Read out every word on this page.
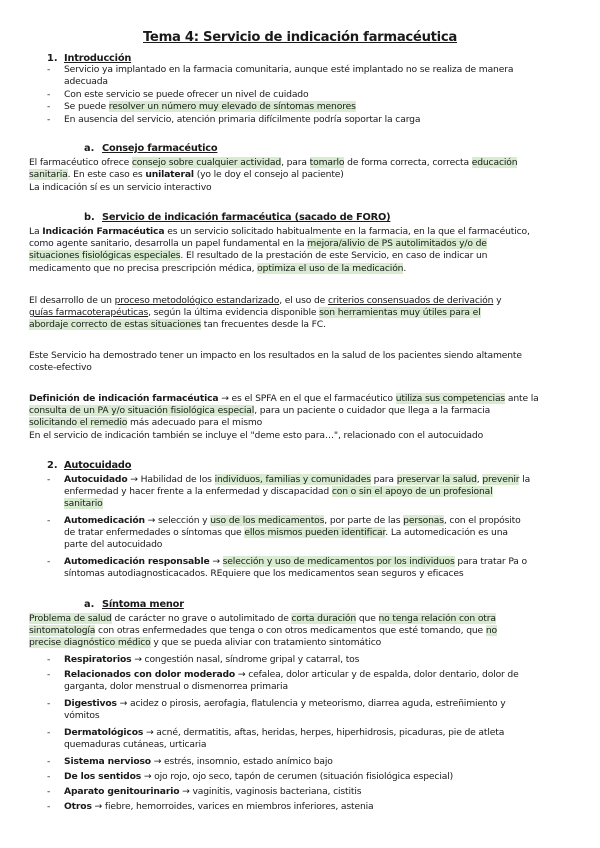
Tema 4: Servicio de indicación farmacéutica
1. Introducción
- Servicio ya implantado en la farmacia comunitaria, aunque esté implantado no se realiza de manera
adecuada
- Con este servicio se puede ofrecer un nivel de cuidado
- Se puede resolver un número muy elevado de síntomas menores
- En ausencia del servicio, atención primaria difícilmente podría soportar la carga
a. Consejo farmacéutico
El farmacéutico ofrece consejo sobre cualquier actividad, para tomarlo de forma correcta, correcta educación
sanitaria. En este caso es unilateral (yo le doy el consejo al paciente)
La indicación sí es un servicio interactivo
b. Servicio de indicación farmacéutica (sacado de FORO)
La Indicación Farmacéutica es un servicio solicitado habitualmente en la farmacia, en la que el farmacéutico,
como agente sanitario, desarrolla un papel fundamental en la mejora/alivio de PS autolimitados y/o de
situaciones fisiológicas especiales. El resultado de la prestación de este Servicio, en caso de indicar un
medicamento que no precisa prescripción médica, optimiza el uso de la medicación.
El desarrollo de un proceso metodológico estandarizado, el uso de criterios consensuados de derivación y
guías farmacoterapéuticas, según la última evidencia disponible son herramientas muy útiles para el
abordaje correcto de estas situaciones tan frecuentes desde la FC.
Este Servicio ha demostrado tener un impacto en los resultados en la salud de los pacientes siendo altamente
coste-efectivo
Definición de indicación farmacéutica → es el SPFA en el que el farmacéutico utiliza sus competencias ante la
consulta de un PA y/o situación fisiológica especial, para un paciente o cuidador que llega a la farmacia
solicitando el remedio más adecuado para el mismo
En el servicio de indicación también se incluye el "deme esto para…", relacionado con el autocuidado
2. Autocuidado
- Autocuidado → Habilidad de los individuos, familias y comunidades para preservar la salud, prevenir la
enfermedad y hacer frente a la enfermedad y discapacidad con o sin el apoyo de un profesional
sanitario
- Automedicación → selección y uso de los medicamentos, por parte de las personas, con el propósito
de tratar enfermedades o síntomas que ellos mismos pueden identificar. La automedicación es una
parte del autocuidado
- Automedicación responsable → selección y uso de medicamentos por los individuos para tratar Pa o
síntomas autodiagnosticacados. REquiere que los medicamentos sean seguros y eficaces
a. Síntoma menor
Problema de salud de carácter no grave o autolimitado de corta duración que no tenga relación con otra
sintomatología con otras enfermedades que tenga o con otros medicamentos que esté tomando, que no
precise diagnóstico médico y que se pueda aliviar con tratamiento sintomático
- Respiratorios → congestión nasal, síndrome gripal y catarral, tos
- Relacionados con dolor moderado → cefalea, dolor articular y de espalda, dolor dentario, dolor de
garganta, dolor menstrual o dismenorrea primaria
- Digestivos → acidez o pirosis, aerofagia, flatulencia y meteorismo, diarrea aguda, estreñimiento y
vómitos
- Dermatológicos → acné, dermatitis, aftas, heridas, herpes, hiperhidrosis, picaduras, pie de atleta
quemaduras cutáneas, urticaria
- Sistema nervioso → estrés, insomnio, estado anímico bajo
- De los sentidos → ojo rojo, ojo seco, tapón de cerumen (situación fisiológica especial)
- Aparato genitourinario → vaginitis, vaginosis bacteriana, cistitis
- Otros → fiebre, hemorroides, varices en miembros inferiores, astenia
